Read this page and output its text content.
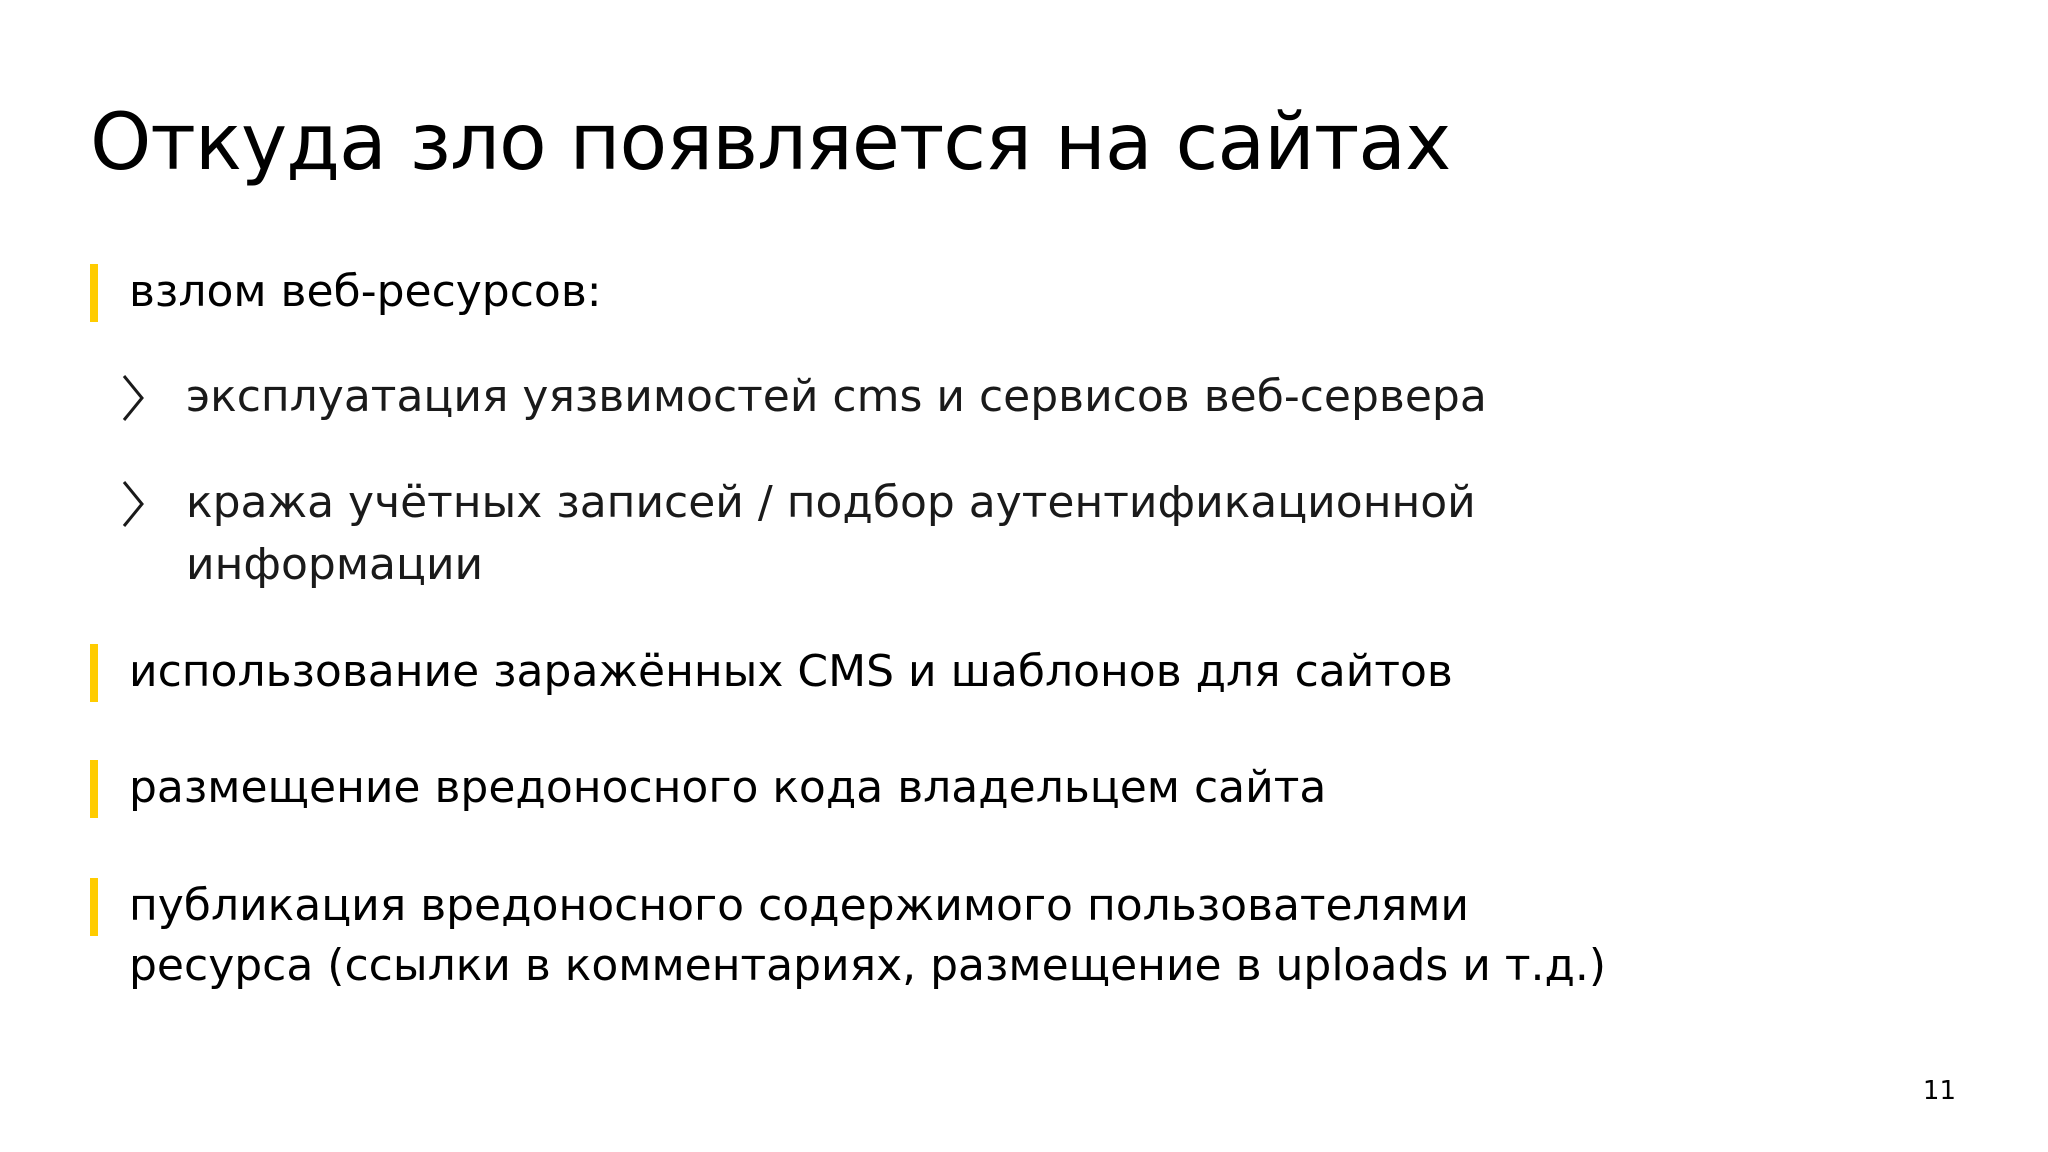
Откуда зло появляется на сайтах
взлом веб-ресурсов:
эксплуатация уязвимостей cms и сервисов веб-сервера
кража учётных записей / подбор аутентификационной
информации
использование заражённых CMS и шаблонов для сайтов
размещение вредоносного кода владельцем сайта
публикация вредоносного содержимого пользователями
ресурса (ссылки в комментариях, размещение в uploads и т.д.)
11
